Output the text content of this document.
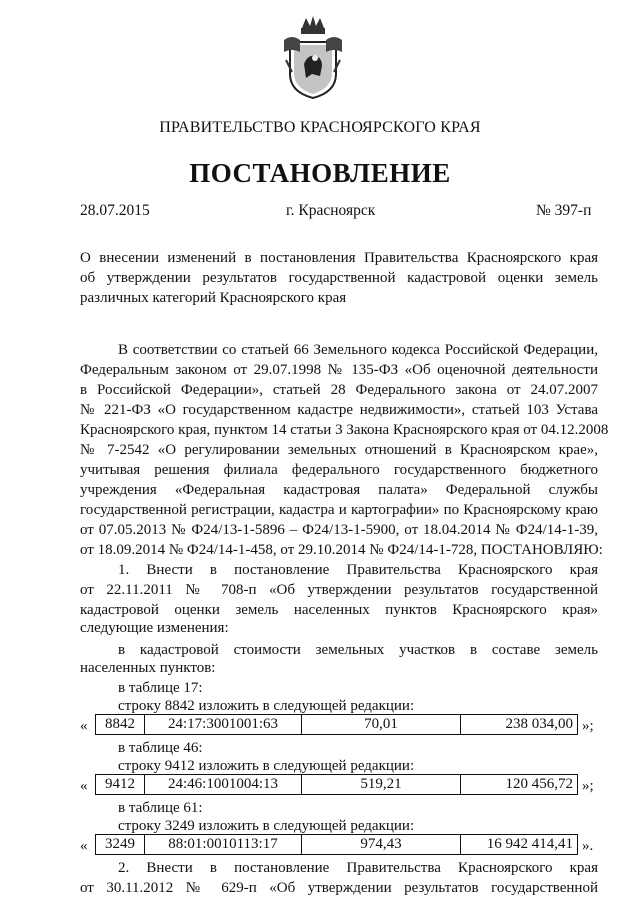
ПРАВИТЕЛЬСТВО КРАСНОЯРСКОГО КРАЯ
ПОСТАНОВЛЕНИЕ
28.07.2015	г. Красноярск	№ 397-п
О внесении изменений в постановления Правительства Красноярского края
об утверждении результатов государственной кадастровой оценки земель
различных категорий Красноярского края
В соответствии со статьей 66 Земельного кодекса Российской Федерации,
Федеральным законом от 29.07.1998 № 135-ФЗ «Об оценочной деятельности
в Российской Федерации», статьей 28 Федерального закона от 24.07.2007
№ 221-ФЗ «О государственном кадастре недвижимости», статьей 103 Устава
Красноярского края, пунктом 14 статьи 3 Закона Красноярского края от 04.12.2008
№ 7-2542 «О регулировании земельных отношений в Красноярском крае»,
учитывая решения филиала федерального государственного бюджетного
учреждения «Федеральная кадастровая палата» Федеральной службы
государственной регистрации, кадастра и картографии» по Красноярскому краю
от 07.05.2013 № Ф24/13-1-5896 – Ф24/13-1-5900, от 18.04.2014 № Ф24/14-1-39,
от 18.09.2014 № Ф24/14-1-458, от 29.10.2014 № Ф24/14-1-728, ПОСТАНОВЛЯЮ:
1. Внести в постановление Правительства Красноярского края
от 22.11.2011 № 708-п «Об утверждении результатов государственной
кадастровой оценки земель населенных пунктов Красноярского края»
следующие изменения:
в кадастровой стоимости земельных участков в составе земель
населенных пунктов:
в таблице 17:
строку 8842 изложить в следующей редакции:
« 8842	24:17:3001001:63	70,01	238 034,00 »;
в таблице 46:
строку 9412 изложить в следующей редакции:
« 9412	24:46:1001004:13	519,21	120 456,72 »;
в таблице 61:
строку 3249 изложить в следующей редакции:
« 3249	88:01:0010113:17	974,43	16 942 414,41 ».
2. Внести в постановление Правительства Красноярского края
от 30.11.2012 № 629-п «Об утверждении результатов государственной
